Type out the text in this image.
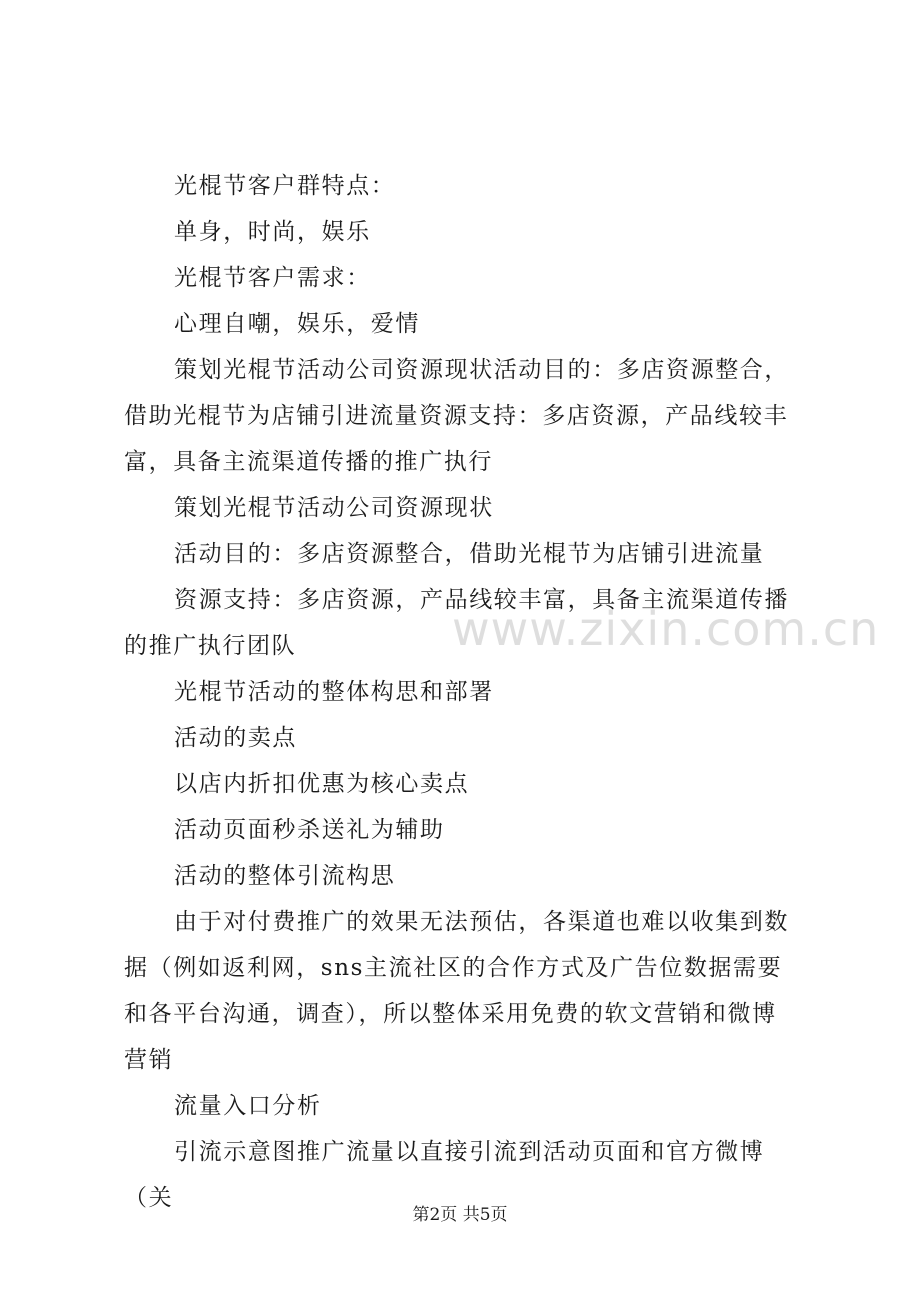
光棍节客户群特点：

单身，时尚，娱乐

光棍节客户需求：

心理自嘲，娱乐，爱情

策划光棍节活动公司资源现状活动目的：多店资源整合，借助光棍节为店铺引进流量资源支持：多店资源，产品线较丰富，具备主流渠道传播的推广执行

策划光棍节活动公司资源现状

活动目的：多店资源整合，借助光棍节为店铺引进流量

资源支持：多店资源，产品线较丰富，具备主流渠道传播的推广执行团队

光棍节活动的整体构思和部署

活动的卖点

以店内折扣优惠为核心卖点

活动页面秒杀送礼为辅助

活动的整体引流构思

由于对付费推广的效果无法预估，各渠道也难以收集到数据（例如返利网，sns主流社区的合作方式及广告位数据需要和各平台沟通，调查），所以整体采用免费的软文营销和微博营销

流量入口分析

引流示意图推广流量以直接引流到活动页面和官方微博（关

www.zixin.com.cn
第2页 共5页
